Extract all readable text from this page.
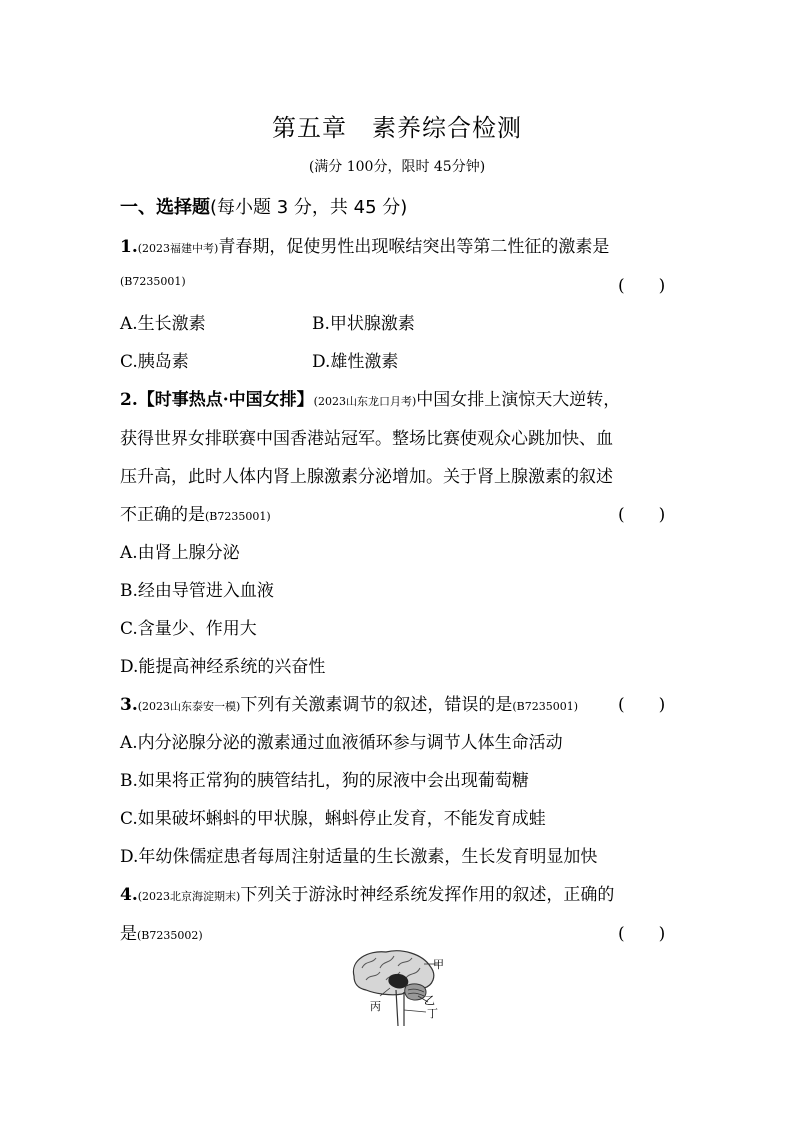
第五章　素养综合检测
(满分 100分，限时 45分钟)
一、选择题(每小题 3 分，共 45 分)
1.(2023福建中考)青春期，促使男性出现喉结突出等第二性征的激素是
(B7235001)	(　　)
A.生长激素	B.甲状腺激素
C.胰岛素	D.雄性激素
2.【时事热点·中国女排】(2023山东龙口月考)中国女排上演惊天大逆转，
获得世界女排联赛中国香港站冠军。整场比赛使观众心跳加快、血
压升高，此时人体内肾上腺激素分泌增加。关于肾上腺激素的叙述
不正确的是(B7235001)	(　　)
A.由肾上腺分泌
B.经由导管进入血液
C.含量少、作用大
D.能提高神经系统的兴奋性
3.(2023山东泰安一模)下列有关激素调节的叙述，错误的是(B7235001) (　　)
A.内分泌腺分泌的激素通过血液循环参与调节人体生命活动
B.如果将正常狗的胰管结扎，狗的尿液中会出现葡萄糖
C.如果破坏蝌蚪的甲状腺，蝌蚪停止发育，不能发育成蛙
D.年幼侏儒症患者每周注射适量的生长激素，生长发育明显加快
4.(2023北京海淀期末)下列关于游泳时神经系统发挥作用的叙述，正确的
是(B7235002)	(　　)
甲
乙
丙
丁
